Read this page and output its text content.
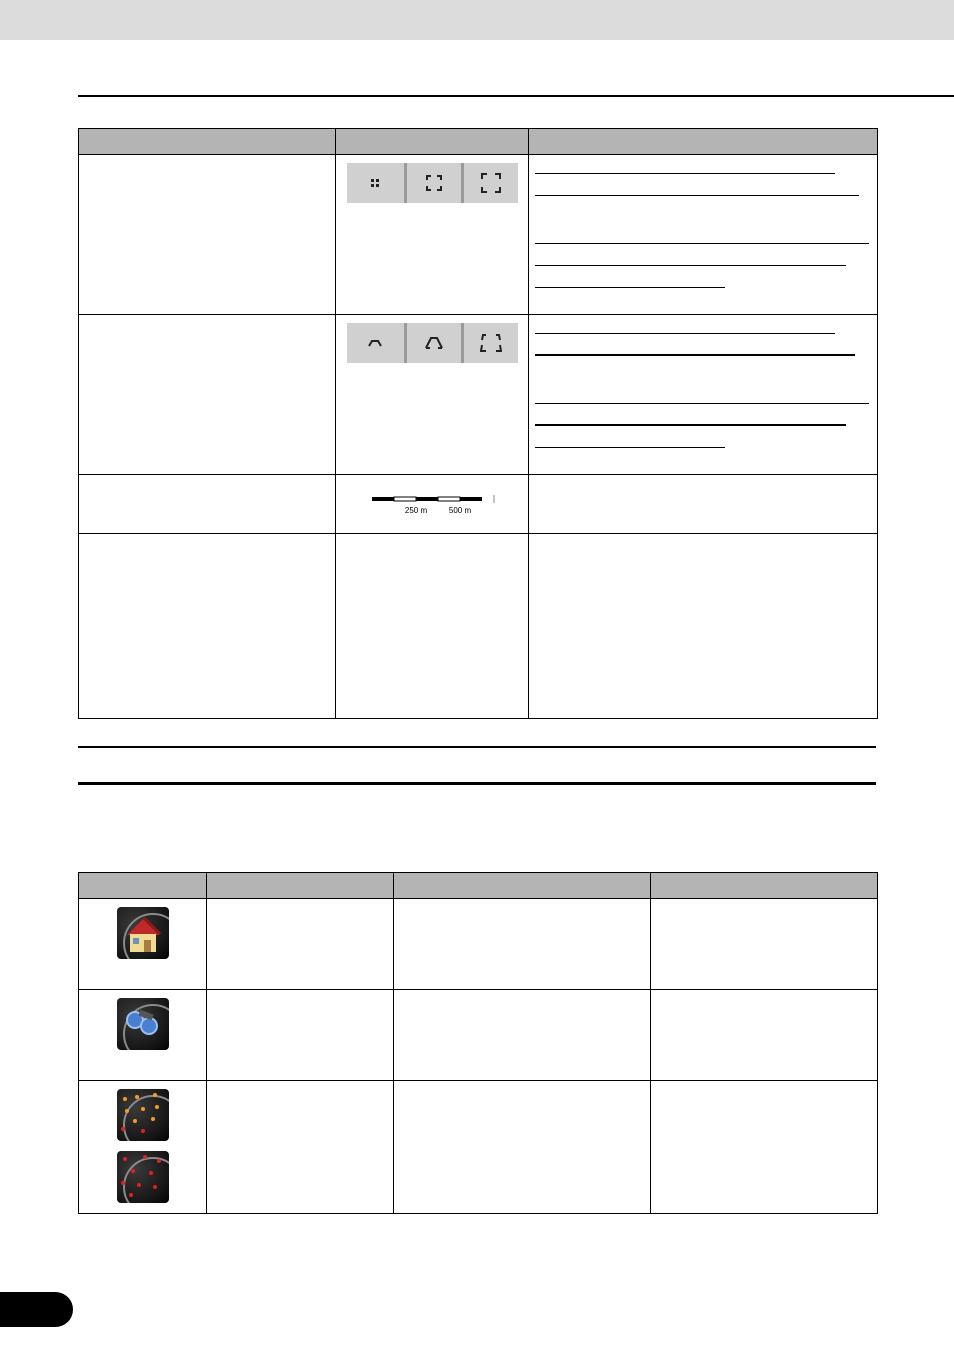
250 m 500 m	
